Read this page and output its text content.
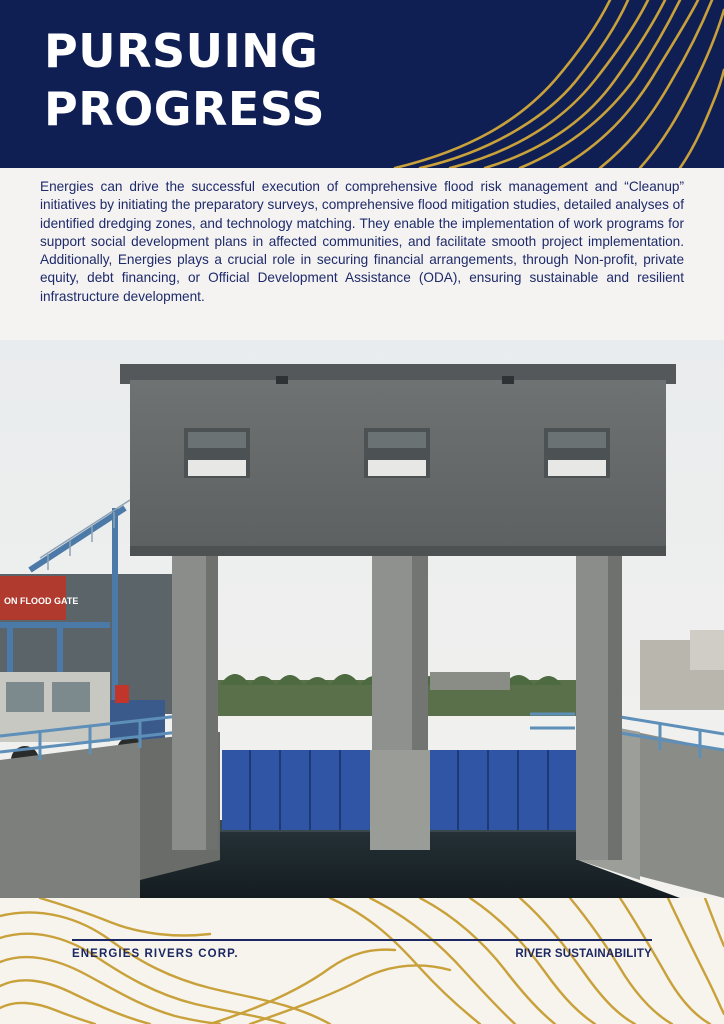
PURSUING
PROGRESS

Energies can drive the successful execution of comprehensive flood risk management and “Cleanup” initiatives by initiating the preparatory surveys, comprehensive flood mitigation studies, detailed analyses of identified dredging zones, and technology matching. They enable the implementation of work programs for support social development plans in affected communities, and facilitate smooth project implementation. Additionally, Energies plays a crucial role in securing financial arrangements, through Non-profit, private equity, debt financing, or Official Development Assistance (ODA), ensuring sustainable and resilient infrastructure development.

ON FLOOD GATE
ENERGIES RIVERS CORP.	RIVER SUSTAINABILITY
